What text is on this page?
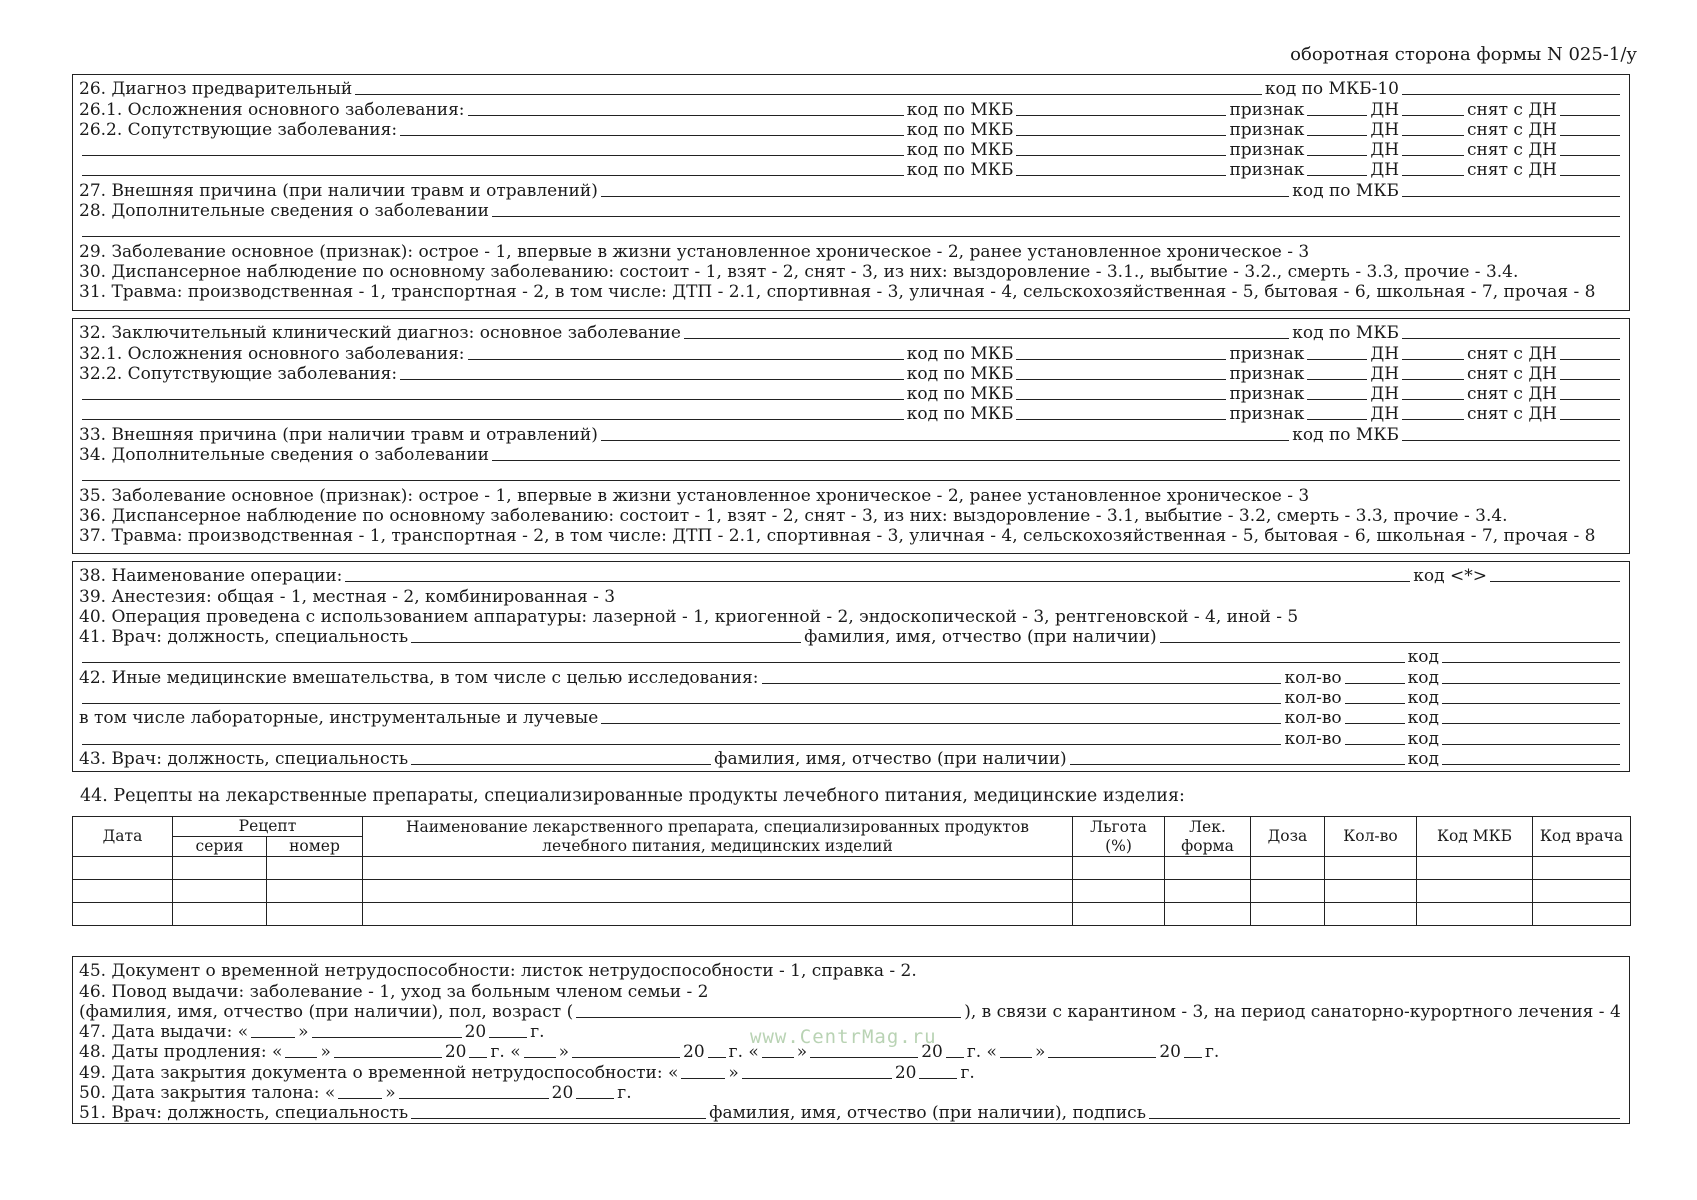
оборотная сторона формы N 025-1/у
26. Диагноз предварительный	код по МКБ-10
26.1. Осложнения основного заболевания:	код по МКБ	признак	ДН	снят с ДН
26.2. Сопутствующие заболевания:	код по МКБ	признак	ДН	снят с ДН
код по МКБ	признак	ДН	снят с ДН
код по МКБ	признак	ДН	снят с ДН
27. Внешняя причина (при наличии травм и отравлений)	код по МКБ
28. Дополнительные сведения о заболевании
29. Заболевание основное (признак): острое - 1, впервые в жизни установленное хроническое - 2, ранее установленное хроническое - 3
30. Диспансерное наблюдение по основному заболеванию: состоит - 1, взят - 2, снят - 3, из них: выздоровление - 3.1., выбытие - 3.2., смерть - 3.3, прочие - 3.4.
31. Травма: производственная - 1, транспортная - 2, в том числе: ДТП - 2.1, спортивная - 3, уличная - 4, сельскохозяйственная - 5, бытовая - 6, школьная - 7, прочая - 8
32. Заключительный клинический диагноз: основное заболевание	код по МКБ
32.1. Осложнения основного заболевания:	код по МКБ	признак	ДН	снят с ДН
32.2. Сопутствующие заболевания:	код по МКБ	признак	ДН	снят с ДН
код по МКБ	признак	ДН	снят с ДН
код по МКБ	признак	ДН	снят с ДН
33. Внешняя причина (при наличии травм и отравлений)	код по МКБ
34. Дополнительные сведения о заболевании
35. Заболевание основное (признак): острое - 1, впервые в жизни установленное хроническое - 2, ранее установленное хроническое - 3
36. Диспансерное наблюдение по основному заболеванию: состоит - 1, взят - 2, снят - 3, из них: выздоровление - 3.1, выбытие - 3.2, смерть - 3.3, прочие - 3.4.
37. Травма: производственная - 1, транспортная - 2, в том числе: ДТП - 2.1, спортивная - 3, уличная - 4, сельскохозяйственная - 5, бытовая - 6, школьная - 7, прочая - 8
38. Наименование операции:	код <*>
39. Анестезия: общая - 1, местная - 2, комбинированная - 3
40. Операция проведена с использованием аппаратуры: лазерной - 1, криогенной - 2, эндоскопической - 3, рентгеновской - 4, иной - 5
41. Врач: должность, специальность	фамилия, имя, отчество (при наличии)
код
42. Иные медицинские вмешательства, в том числе с целью исследования:	кол-во	код
кол-во	код
в том числе лабораторные, инструментальные и лучевые	кол-во	код
кол-во	код
43. Врач: должность, специальность	фамилия, имя, отчество (при наличии)	код
44. Рецепты на лекарственные препараты, специализированные продукты лечебного питания, медицинские изделия:
Дата	Рецепт		Наименование лекарственного препарата, специализированных продуктов лечебного питания, медицинских изделий	Льгота (%)	Лек. форма	Доза	Кол-во	Код МКБ	Код врача
	серия	номер							

45. Документ о временной нетрудоспособности: листок нетрудоспособности - 1, справка - 2.
46. Повод выдачи: заболевание - 1, уход за больным членом семьи - 2
(фамилия, имя, отчество (при наличии), пол, возраст (	), в связи с карантином - 3, на период санаторно-курортного лечения - 4
47. Дата выдачи: «	»	20	г.
48. Даты продления: « »	20 г. « »	20 г. « »	20 г. « »	20 г.
49. Дата закрытия документа о временной нетрудоспособности: «	»	20	г.
50. Дата закрытия талона: «	»	20	г.
51. Врач: должность, специальность	фамилия, имя, отчество (при наличии), подпись
www.CentrMag.ru
